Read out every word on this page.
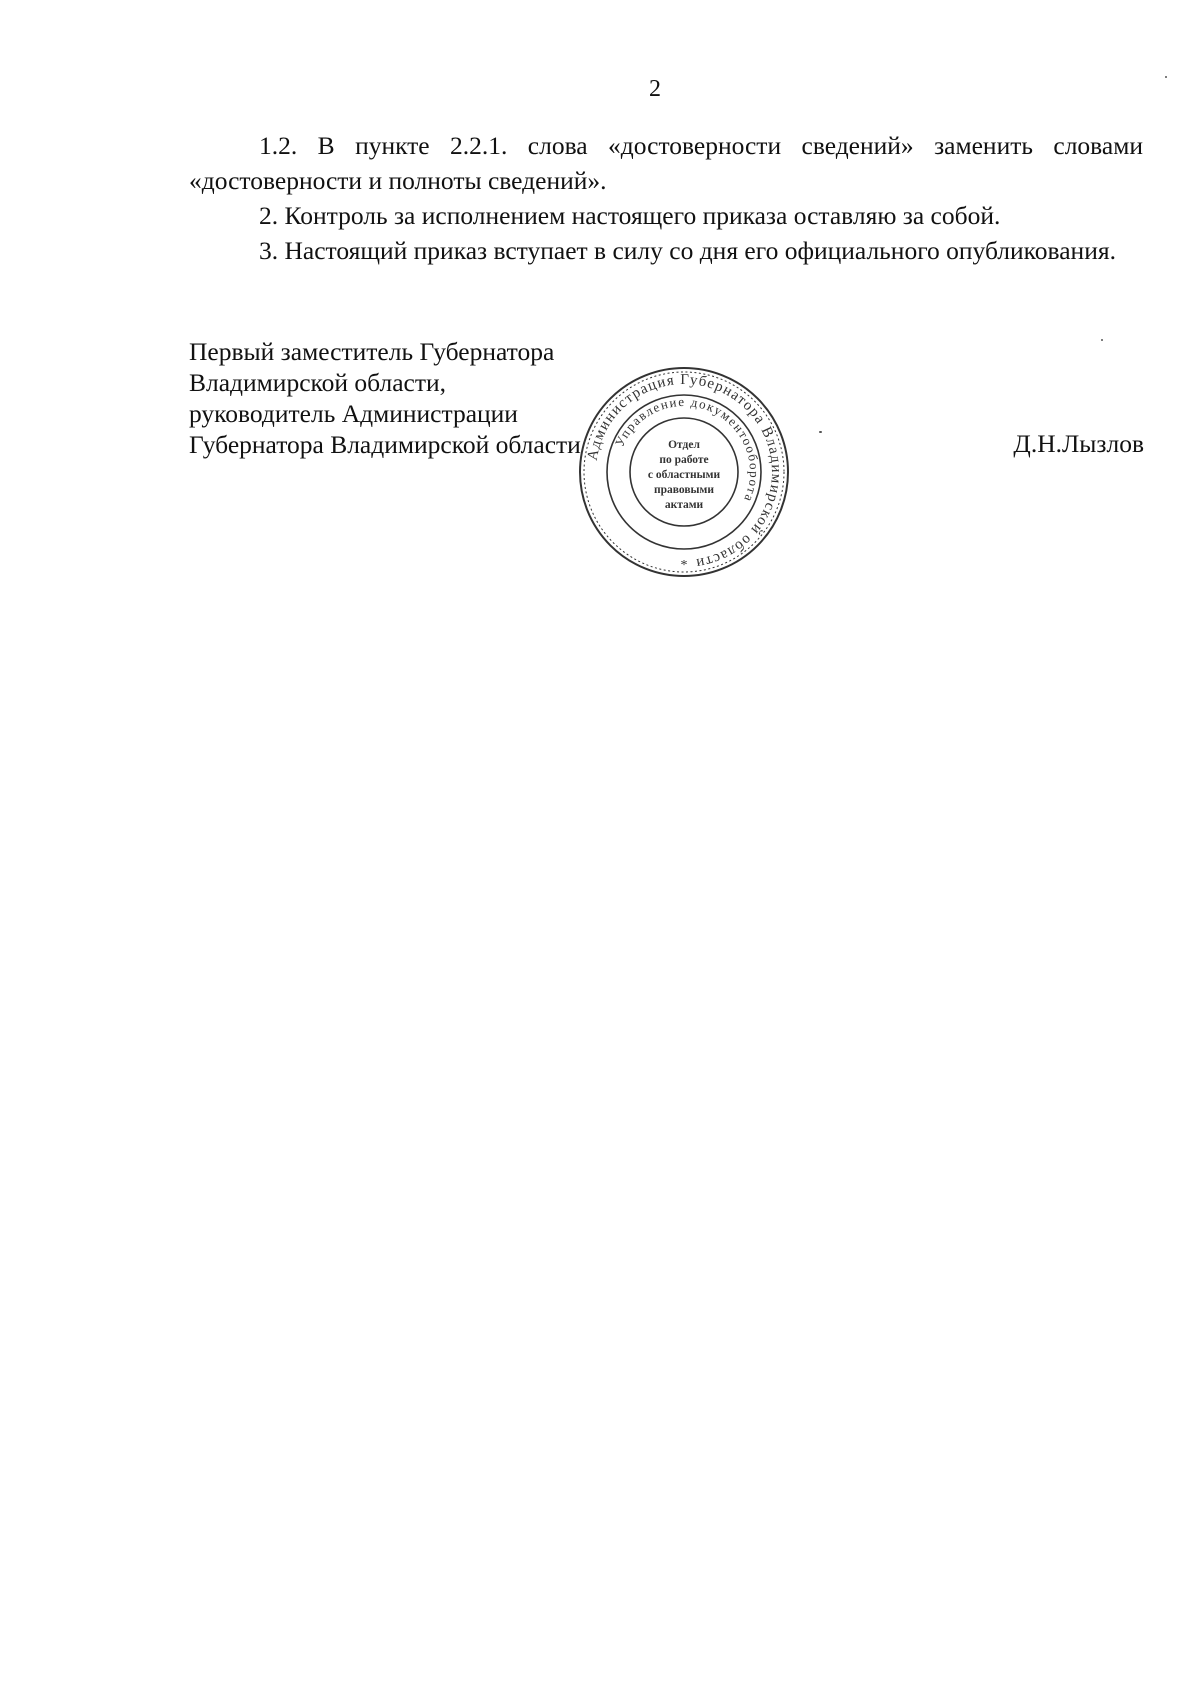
2

1.2. В пункте 2.2.1. слова «достоверности сведений» заменить словами «достоверности и полноты сведений».

2. Контроль за исполнением настоящего приказа оставляю за собой.

3. Настоящий приказ вступает в силу со дня его официального опубликования.

Первый заместитель Губернатора
Владимирской области,
руководитель Администрации
Губернатора Владимирской области	Д.Н.Лызлов
Администрация Губернатора Владимирской области
Управление документооборота
Отдел
по работе
с областными
правовыми
актами
*
